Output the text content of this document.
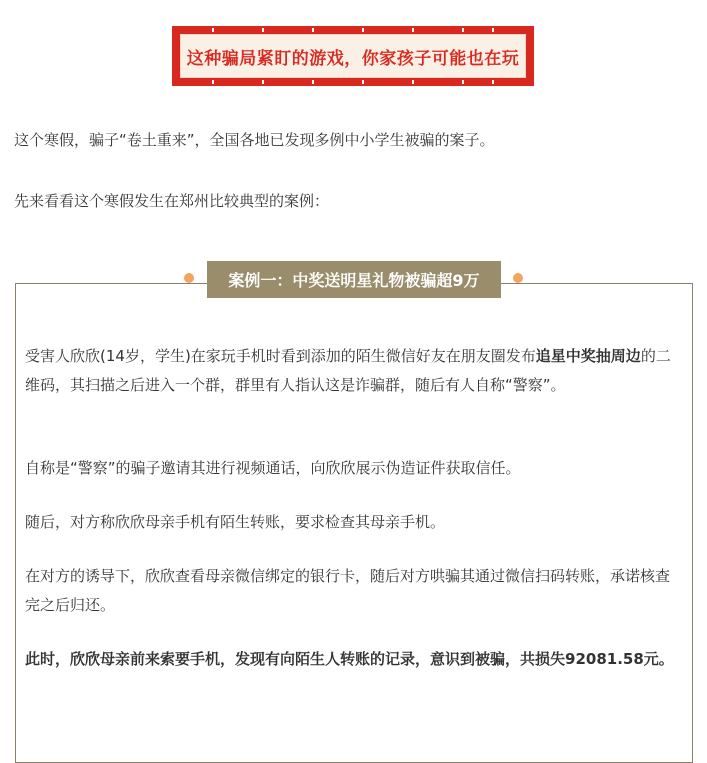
这种骗局紧盯的游戏，你家孩子可能也在玩
这个寒假，骗子“卷土重来”，全国各地已发现多例中小学生被骗的案子。
先来看看这个寒假发生在郑州比较典型的案例：
案例一：中奖送明星礼物被骗超9万
受害人欣欣(14岁，学生)在家玩手机时看到添加的陌生微信好友在朋友圈发布追星中奖抽周边的二维码，其扫描之后进入一个群，群里有人指认这是诈骗群，随后有人自称“警察”。
自称是“警察”的骗子邀请其进行视频通话，向欣欣展示伪造证件获取信任。
随后，对方称欣欣母亲手机有陌生转账，要求检查其母亲手机。
在对方的诱导下，欣欣查看母亲微信绑定的银行卡，随后对方哄骗其通过微信扫码转账，承诺核查完之后归还。
此时，欣欣母亲前来索要手机，发现有向陌生人转账的记录，意识到被骗，共损失92081.58元。
